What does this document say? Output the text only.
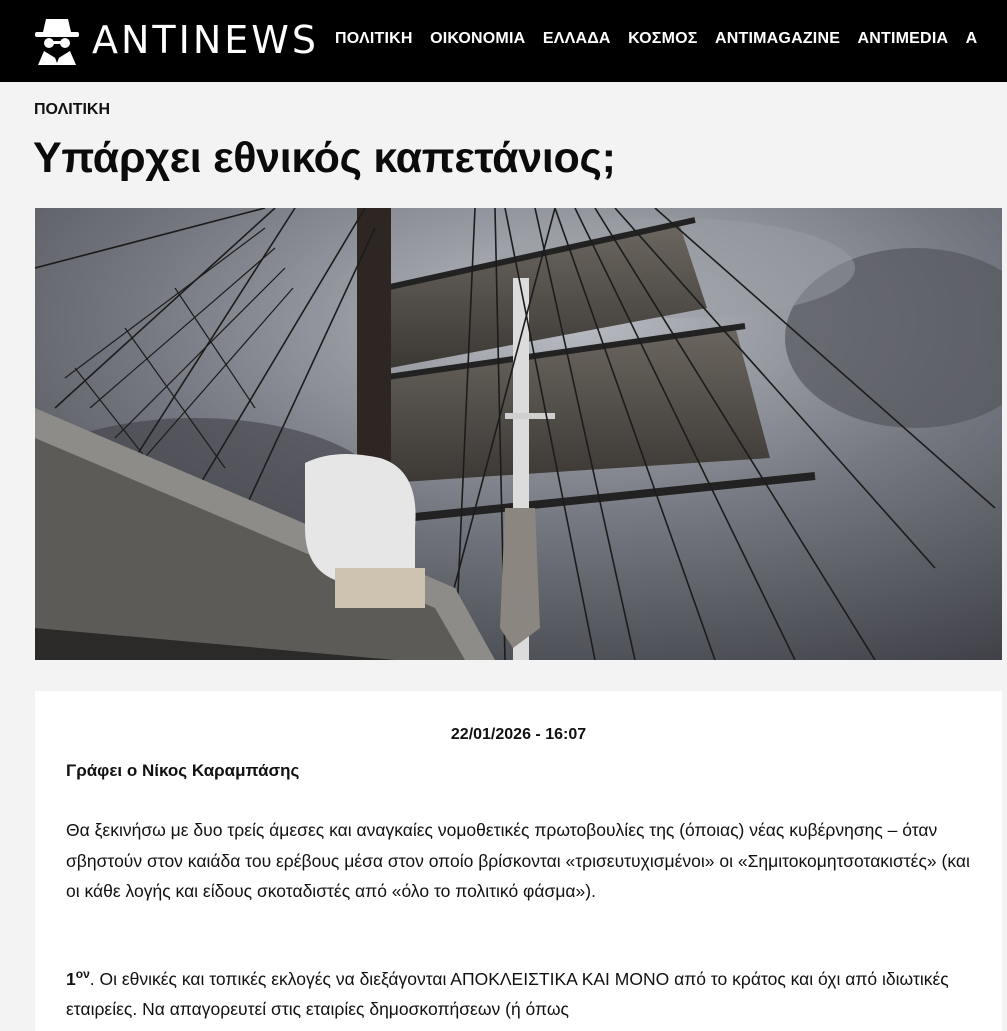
ANTINEWS ΠΟΛΙΤΙΚΗ ΟΙΚΟΝΟΜΙΑ ΕΛΛΑΔΑ ΚΟΣΜΟΣ ANTIMAGAZINE ANTIMEDIA Α
ΠΟΛΙΤΙΚΗ
Υπάρχει εθνικός καπετάνιος;
22/01/2026 - 16:07
Γράφει ο Νίκος Καραμπάσης

Θα ξεκινήσω με δυο τρείς άμεσες και αναγκαίες νομοθετικές πρωτοβουλίες της (όποιας) νέας κυβέρνησης – όταν σβηστούν στον καιάδα του ερέβους μέσα στον οποίο βρίσκονται «τρισευτυχισμένοι» οι «Σημιτοκομητσοτακιστές» (και οι κάθε λογής και είδους σκοταδιστές από «όλο το πολιτικό φάσμα»).

$1^{o\nu}$. Οι εθνικές και τοπικές εκλογές να διεξάγονται ΑΠΟΚΛΕΙΣΤΙΚΑ ΚΑΙ ΜΟΝΟ από το κράτος και όχι από ιδιωτικές εταιρείες. Να απαγορευτεί στις εταιρίες δημοσκοπήσεων (ή όπως
